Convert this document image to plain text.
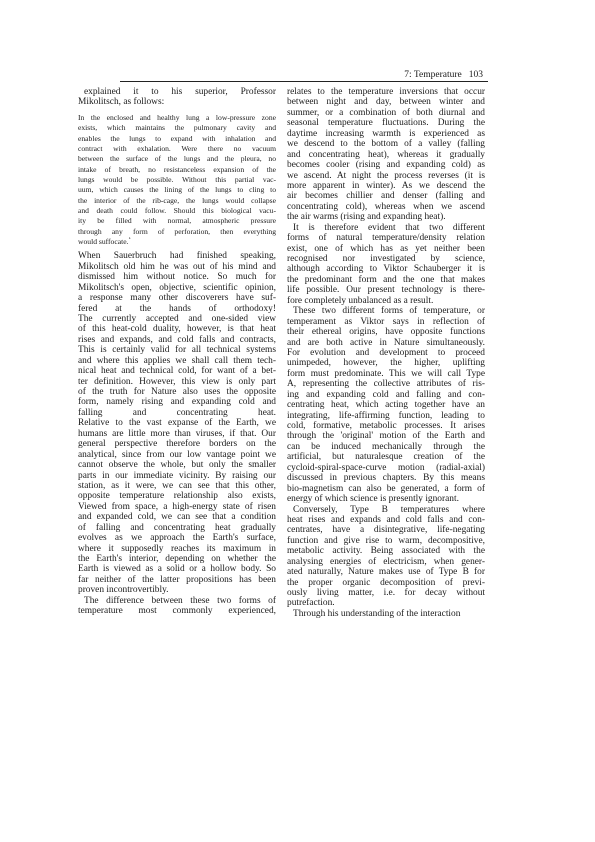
7: Temperature 103
explained it to his superior, Professor
Mikolitsch, as follows:
In the enclosed and healthy lung a low-pressure zone
exists, which maintains the pulmonary cavity and
enables the lungs to expand with inhalation and
contract with exhalation. Were there no vacuum
between the surface of the lungs and the pleura, no
intake of breath, no resistanceless expansion of the
lungs would be possible. Without this partial vac-
uum, which causes the lining of the lungs to cling to
the interior of the rib-cage, the lungs would collapse
and death could follow. Should this biological vacu-
ity be filled with normal, atmospheric pressure
through any form of perforation, then everything
would suffocate.$^1$
When Sauerbruch had finished speaking,
Mikolitsch old him he was out of his mind and
dismissed him without notice. So much for
Mikolitsch's open, objective, scientific opinion,
a response many other discoverers have suf-
fered at the hands of orthodoxy!
The currently accepted and one-sided view
of this heat-cold duality, however, is that heat
rises and expands, and cold falls and contracts,
This is certainly valid for all technical systems
and where this applies we shall call them tech-
nical heat and technical cold, for want of a bet-
ter definition. However, this view is only part
of the truth for Nature also uses the opposite
form, namely rising and expanding cold and
falling and concentrating heat.
Relative to the vast expanse of the Earth, we
humans are little more than viruses, if that. Our
general perspective therefore borders on the
analytical, since from our low vantage point we
cannot observe the whole, but only the smaller
parts in our immediate vicinity. By raising our
station, as it were, we can see that this other,
opposite temperature relationship also exists,
Viewed from space, a high-energy state of risen
and expanded cold, we can see that a condition
of falling and concentrating heat gradually
evolves as we approach the Earth's surface,
where it supposedly reaches its maximum in
the Earth's interior, depending on whether the
Earth is viewed as a solid or a hollow body. So
far neither of the latter propositions has been
proven incontrovertibly.
The difference between these two forms of
temperature most commonly experienced,
relates to the temperature inversions that occur
between night and day, between winter and
summer, or a combination of both diurnal and
seasonal temperature fluctuations. During the
daytime increasing warmth is experienced as
we descend to the bottom of a valley (falling
and concentrating heat), whereas it gradually
becomes cooler (rising and expanding cold) as
we ascend. At night the process reverses (it is
more apparent in winter). As we descend the
air becomes chillier and denser (falling and
concentrating cold), whereas when we ascend
the air warms (rising and expanding heat).
It is therefore evident that two different
forms of natural temperature/density relation
exist, one of which has as yet neither been
recognised nor investigated by science,
although according to Viktor Schauberger it is
the predominant form and the one that makes
life possible. Our present technology is there-
fore completely unbalanced as a result.
These two different forms of temperature, or
temperament as Viktor says in reflection of
their ethereal origins, have opposite functions
and are both active in Nature simultaneously.
For evolution and development to proceed
unimpeded, however, the higher, uplifting
form must predominate. This we will call Type
A, representing the collective attributes of ris-
ing and expanding cold and falling and con-
centrating heat, which acting together have an
integrating, life-affirming function, leading to
cold, formative, metabolic processes. It arises
through the 'original' motion of the Earth and
can be induced mechanically through the
artificial, but naturalesque creation of the
cycloid-spiral-space-curve motion (radial-axial)
discussed in previous chapters. By this means
bio-magnetism can also be generated, a form of
energy of which science is presently ignorant.
Conversely, Type B temperatures where
heat rises and expands and cold falls and con-
centrates, have a disintegrative, life-negating
function and give rise to warm, decompositive,
metabolic activity. Being associated with the
analysing energies of electricism, when gener-
ated naturally, Nature makes use of Type B for
the proper organic decomposition of previ-
ously living matter, i.e. for decay without
putrefaction.
Through his understanding of the interaction
